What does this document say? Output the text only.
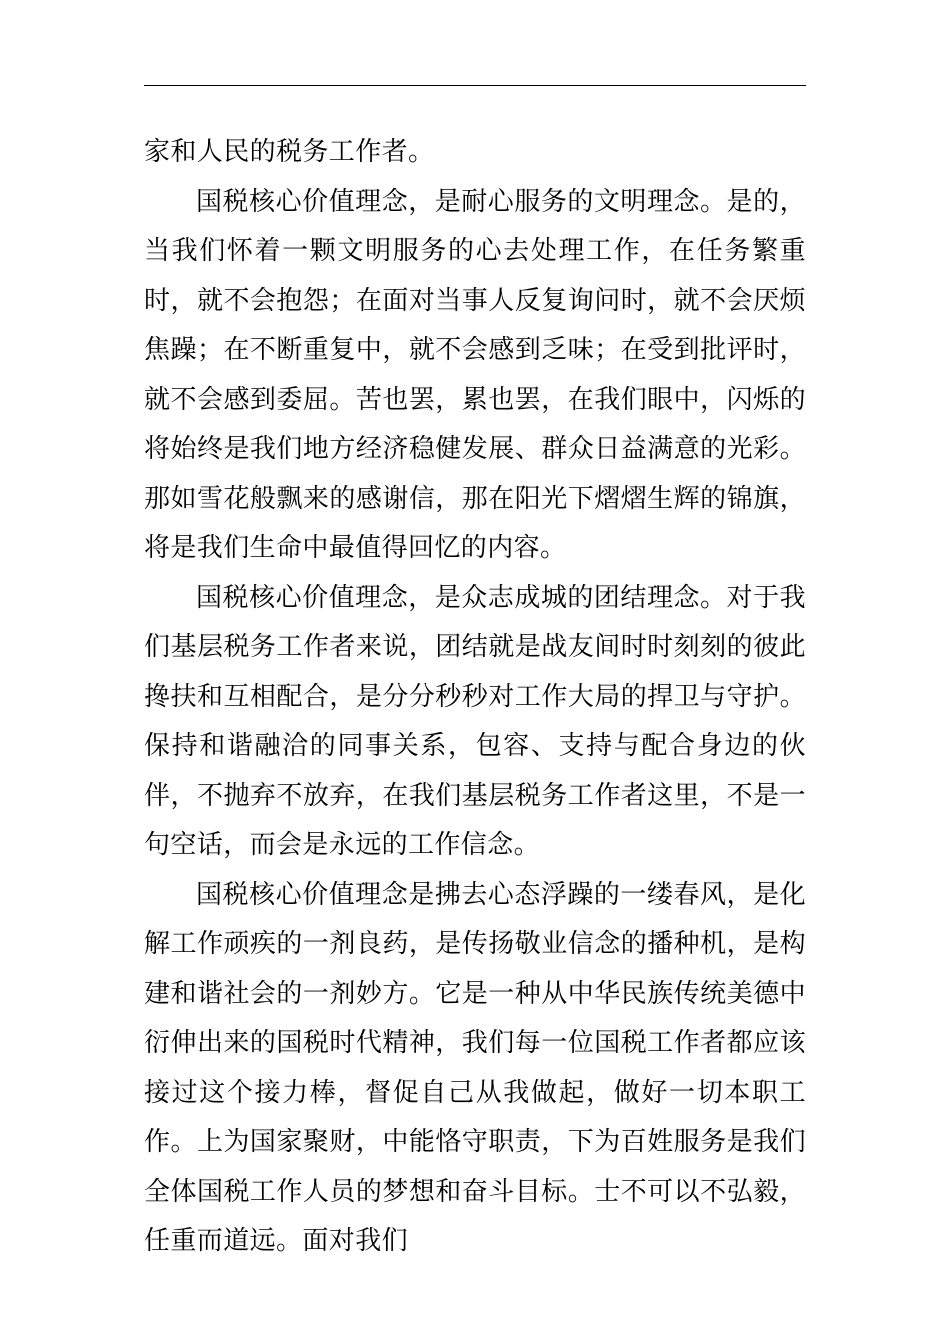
家和人民的税务工作者。

国税核心价值理念，是耐心服务的文明理念。是的，当我们怀着一颗文明服务的心去处理工作，在任务繁重时，就不会抱怨；在面对当事人反复询问时，就不会厌烦焦躁；在不断重复中，就不会感到乏味；在受到批评时，就不会感到委屈。苦也罢，累也罢，在我们眼中，闪烁的将始终是我们地方经济稳健发展、群众日益满意的光彩。那如雪花般飘来的感谢信，那在阳光下熠熠生辉的锦旗，将是我们生命中最值得回忆的内容。

国税核心价值理念，是众志成城的团结理念。对于我们基层税务工作者来说，团结就是战友间时时刻刻的彼此搀扶和互相配合，是分分秒秒对工作大局的捍卫与守护。保持和谐融洽的同事关系，包容、支持与配合身边的伙伴，不抛弃不放弃，在我们基层税务工作者这里，不是一句空话，而会是永远的工作信念。

国税核心价值理念是拂去心态浮躁的一缕春风，是化解工作顽疾的一剂良药，是传扬敬业信念的播种机，是构建和谐社会的一剂妙方。它是一种从中华民族传统美德中衍伸出来的国税时代精神，我们每一位国税工作者都应该接过这个接力棒，督促自己从我做起，做好一切本职工作。上为国家聚财，中能恪守职责，下为百姓服务是我们全体国税工作人员的梦想和奋斗目标。士不可以不弘毅，任重而道远。面对我们
